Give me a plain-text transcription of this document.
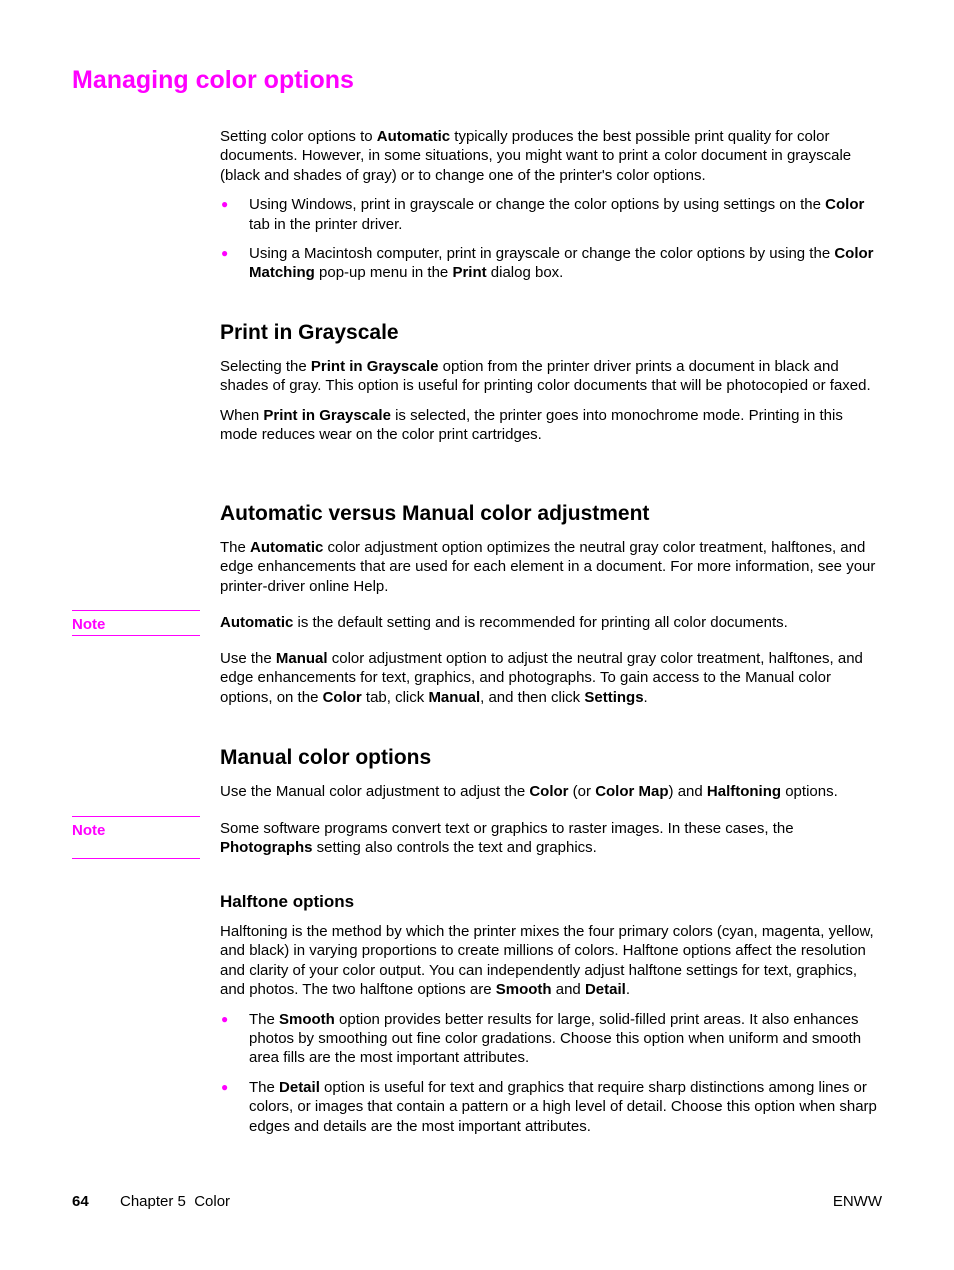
Managing color options

Setting color options to Automatic typically produces the best possible print quality for color documents. However, in some situations, you might want to print a color document in grayscale (black and shades of gray) or to change one of the printer's color options.

● Using Windows, print in grayscale or change the color options by using settings on the Color tab in the printer driver.
● Using a Macintosh computer, print in grayscale or change the color options by using the Color Matching pop-up menu in the Print dialog box.
Print in Grayscale

Selecting the Print in Grayscale option from the printer driver prints a document in black and shades of gray. This option is useful for printing color documents that will be photocopied or faxed.

When Print in Grayscale is selected, the printer goes into monochrome mode. Printing in this mode reduces wear on the color print cartridges.

Automatic versus Manual color adjustment

The Automatic color adjustment option optimizes the neutral gray color treatment, halftones, and edge enhancements that are used for each element in a document. For more information, see your printer-driver online Help.

Note	Automatic is the default setting and is recommended for printing all color documents.

Use the Manual color adjustment option to adjust the neutral gray color treatment, halftones, and edge enhancements for text, graphics, and photographs. To gain access to the Manual color options, on the Color tab, click Manual, and then click Settings.

Manual color options

Use the Manual color adjustment to adjust the Color (or Color Map) and Halftoning options.

Note	Some software programs convert text or graphics to raster images. In these cases, the Photographs setting also controls the text and graphics.

Halftone options

Halftoning is the method by which the printer mixes the four primary colors (cyan, magenta, yellow, and black) in varying proportions to create millions of colors. Halftone options affect the resolution and clarity of your color output. You can independently adjust halftone settings for text, graphics, and photos. The two halftone options are Smooth and Detail.

● The Smooth option provides better results for large, solid-filled print areas. It also enhances photos by smoothing out fine color gradations. Choose this option when uniform and smooth area fills are the most important attributes.
● The Detail option is useful for text and graphics that require sharp distinctions among lines or colors, or images that contain a pattern or a high level of detail. Choose this option when sharp edges and details are the most important attributes.
64 Chapter 5  Color	ENWW
